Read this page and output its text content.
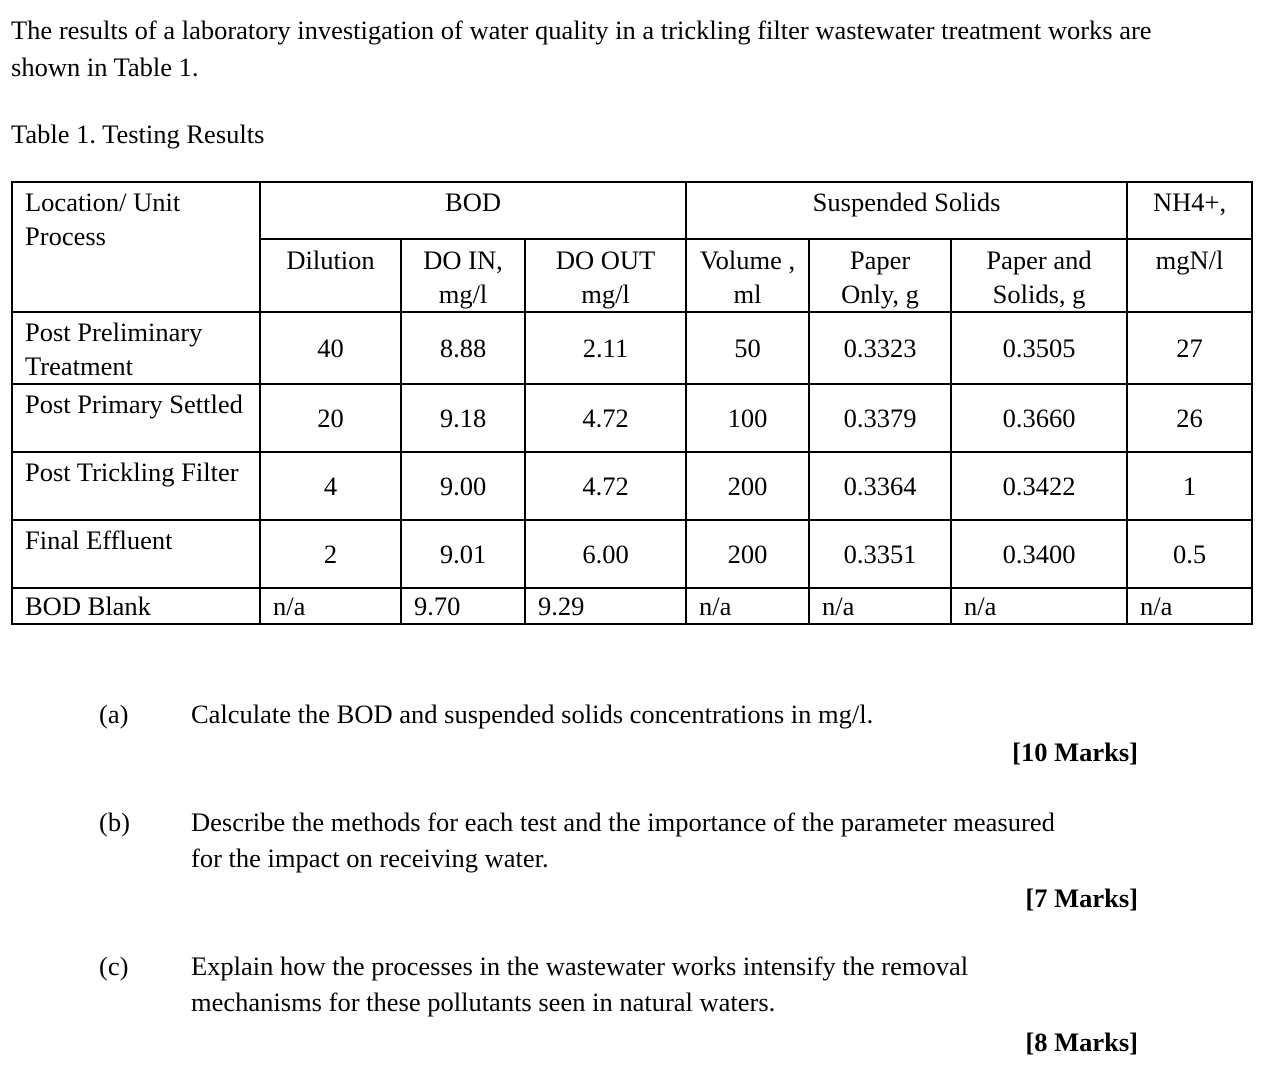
The results of a laboratory investigation of water quality in a trickling filter wastewater treatment works are shown in Table 1.

Table 1. Testing Results

Location/ Unit Process	BOD			Suspended Solids			NH4+,
	Dilution	DO IN, mg/l	DO OUT mg/l	Volume , ml	Paper Only, g	Paper and Solids, g	mgN/l
Post Preliminary Treatment	40	8.88	2.11	50	0.3323	0.3505	27
Post Primary Settled	20	9.18	4.72	100	0.3379	0.3660	26
Post Trickling Filter	4	9.00	4.72	200	0.3364	0.3422	1
Final Effluent	2	9.01	6.00	200	0.3351	0.3400	0.5
BOD Blank	n/a	9.70	9.29	n/a	n/a	n/a	n/a
(a) Calculate the BOD and suspended solids concentrations in mg/l.
[10 Marks]
(b) Describe the methods for each test and the importance of the parameter measured for the impact on receiving water.
[7 Marks]
(c) Explain how the processes in the wastewater works intensify the removal mechanisms for these pollutants seen in natural waters.
[8 Marks]
